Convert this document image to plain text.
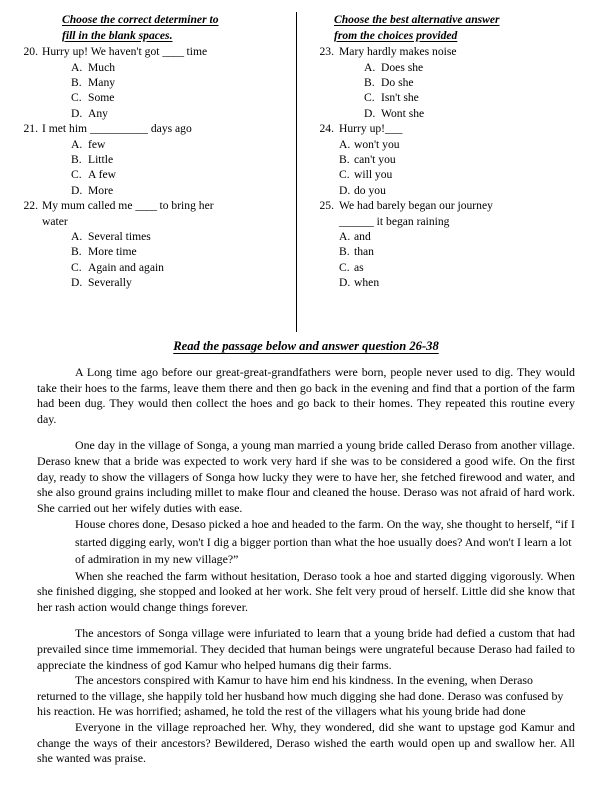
Choose the correct determiner to
fill in the blank spaces.
20. Hurry up! We haven't got ____ time
A. Much
B. Many
C. Some
D. Any
21. I met him __________ days ago
A. few
B. Little
C. A few
D. More
22. My mum called me ____ to bring her
water
A. Several times
B. More time
C. Again and again
D. Severally
Choose the best alternative answer
from the choices provided
23. Mary hardly makes noise
A. Does she
B. Do she
C. Isn't she
D. Wont she
24. Hurry up!___
A. won't you
B. can't you
C. will you
D. do you
25. We had barely began our journey
______ it began raining
A. and
B. than
C. as
D. when
Read the passage below and answer question 26-38

A Long time ago before our great-great-grandfathers were born, people never used to dig. They would take their hoes to the farms, leave them there and then go back in the evening and find that a portion of the farm had been dug. They would then collect the hoes and go back to their homes. They repeated this routine every day.

One day in the village of Songa, a young man married a young bride called Deraso from another village. Deraso knew that a bride was expected to work very hard if she was to be considered a good wife. On the first day, ready to show the villagers of Songa how lucky they were to have her, she fetched firewood and water, and she also ground grains including millet to make flour and cleaned the house. Deraso was not afraid of hard work. She carried out her wifely duties with ease.

House chores done, Desaso picked a hoe and headed to the farm. On the way, she thought to herself, “if I started digging early, won't I dig a bigger portion than what the hoe usually does? And won't I learn a lot of admiration in my new village?”

When she reached the farm without hesitation, Deraso took a hoe and started digging vigorously. When she finished digging, she stopped and looked at her work. She felt very proud of herself. Little did she know that her rash action would change things forever.

The ancestors of Songa village were infuriated to learn that a young bride had defied a custom that had prevailed since time immemorial. They decided that human beings were ungrateful because Deraso had failed to appreciate the kindness of god Kamur who helped humans dig their farms.

The ancestors conspired with Kamur to have him end his kindness. In the evening, when Deraso returned to the village, she happily told her husband how much digging she had done. Deraso was confused by his reaction. He was horrified; ashamed, he told the rest of the villagers what his young bride had done

Everyone in the village reproached her. Why, they wondered, did she want to upstage god Kamur and change the ways of their ancestors? Bewildered, Deraso wished the earth would open up and swallow her. All she wanted was praise.
